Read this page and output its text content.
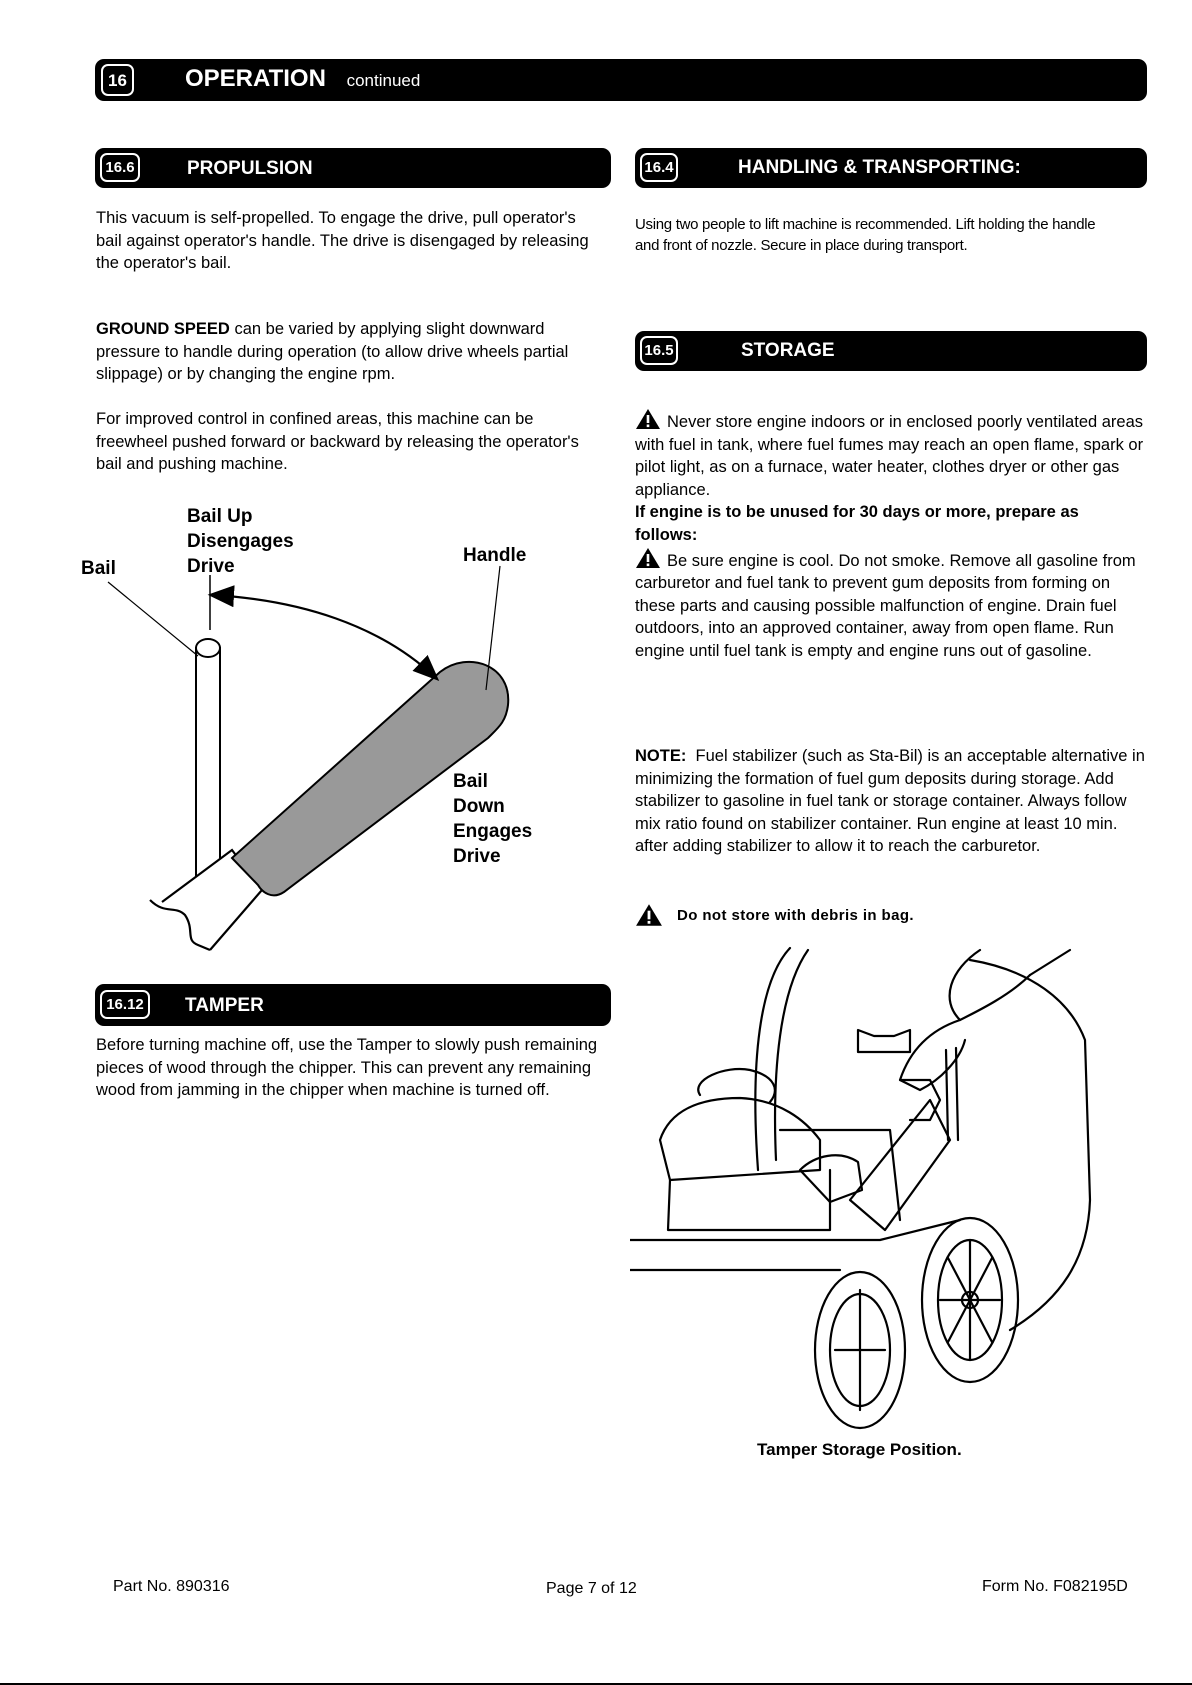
16 OPERATION continued
16.6	PROPULSION

This vacuum is self-propelled. To engage the drive, pull operator's bail against operator's handle. The drive is disengaged by releasing the operator's bail.

GROUND SPEED can be varied by applying slight downward pressure to handle during operation (to allow drive wheels partial slippage) or by changing the engine rpm.

For improved control in confined areas, this machine can be freewheel pushed forward or backward by releasing the operator's bail and pushing machine.

Bail
Bail Up
Disengages
Drive
Handle
Bail
Down
Engages
Drive
16.12 TAMPER

Before turning machine off, use the Tamper to slowly push remaining pieces of wood through the chipper. This can prevent any remaining wood from jamming in the chipper when machine is turned off.

16.4	HANDLING & TRANSPORTING:

Using two people to lift machine is recommended. Lift holding the handle and front of nozzle. Secure in place during transport.

16.5	STORAGE

Never store engine indoors or in enclosed poorly ventilated areas with fuel in tank, where fuel fumes may reach an open flame, spark or pilot light, as on a furnace, water heater, clothes dryer or other gas appliance.

If engine is to be unused for 30 days or more, prepare as follows:

Be sure engine is cool. Do not smoke. Remove all gasoline from carburetor and fuel tank to prevent gum deposits from forming on these parts and causing possible malfunction of engine. Drain fuel outdoors, into an approved container, away from open flame. Run engine until fuel tank is empty and engine runs out of gasoline.

NOTE: Fuel stabilizer (such as Sta-Bil) is an acceptable alternative in minimizing the formation of fuel gum deposits during storage. Add stabilizer to gasoline in fuel tank or storage container. Always follow mix ratio found on stabilizer container. Run engine at least 10 min. after adding stabilizer to allow it to reach the carburetor.

Do not store with debris in bag.
Tamper Storage Position.
Part No. 890316	Page 7 of 12	Form No. F082195D
